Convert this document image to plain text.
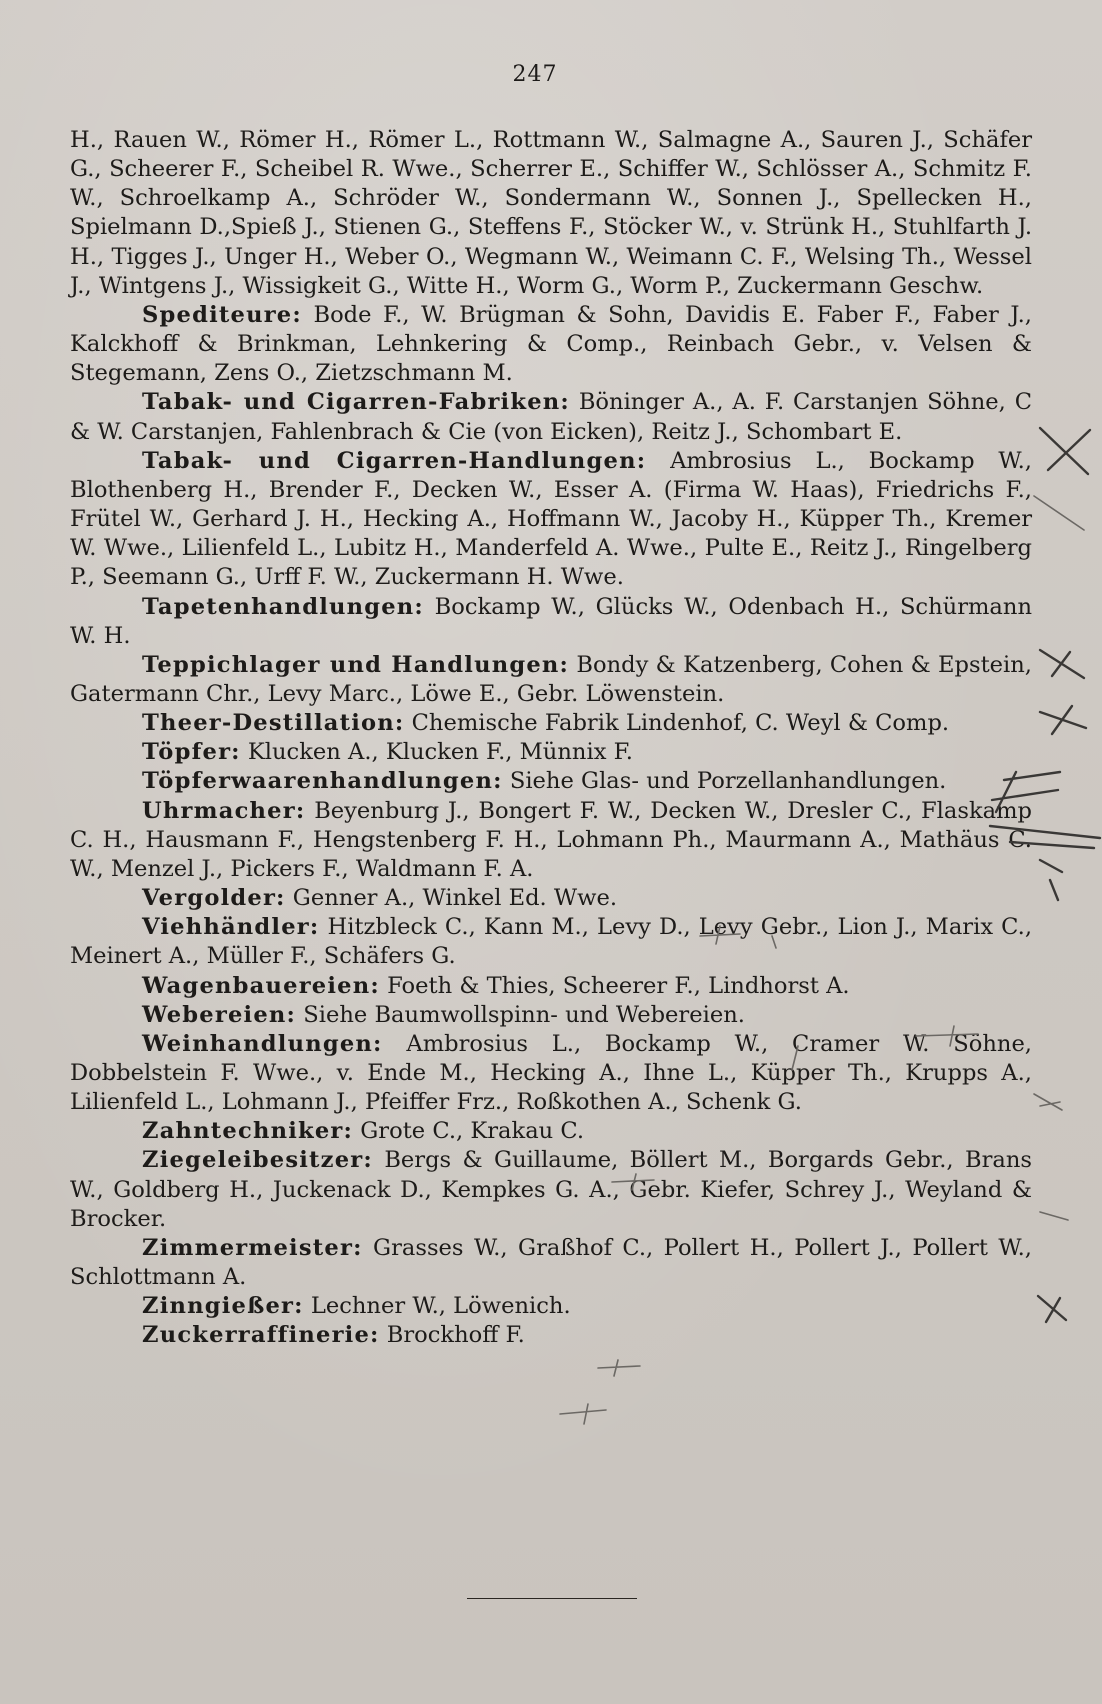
247

H., Rauen W., Römer H., Römer L., Rottmann W., Salmagne A., Sauren J., Schäfer G., Scheerer F., Scheibel R. Wwe., Scherrer E., Schiffer W., Schlösser A., Schmitz F. W., Schroelkamp A., Schröder W., Sondermann W., Sonnen J., Spellecken H., Spielmann D.,Spieß J., Stienen G., Steffens F., Stöcker W., v. Strünk H., Stuhlfarth J. H., Tigges J., Unger H., Weber O., Wegmann W., Weimann C. F., Welsing Th., Wessel J., Wintgens J., Wissigkeit G., Witte H., Worm G., Worm P., Zuckermann Geschw.

Spediteure: Bode F., W. Brügman & Sohn, Davidis E. Faber F., Faber J., Kalckhoff & Brinkman, Lehnkering & Comp., Reinbach Gebr., v. Velsen & Stegemann, Zens O., Zietzschmann M.

Tabak- und Cigarren-Fabriken: Böninger A., A. F. Carstanjen Söhne, C & W. Carstanjen, Fahlenbrach & Cie (von Eicken), Reitz J., Schombart E.

Tabak- und Cigarren-Handlungen: Ambrosius L., Bockamp W., Blothenberg H., Brender F., Decken W., Esser A. (Firma W. Haas), Friedrichs F., Frütel W., Gerhard J. H., Hecking A., Hoffmann W., Jacoby H., Küpper Th., Kremer W. Wwe., Lilienfeld L., Lubitz H., Manderfeld A. Wwe., Pulte E., Reitz J., Ringelberg P., Seemann G., Urff F. W., Zuckermann H. Wwe.

Tapetenhandlungen: Bockamp W., Glücks W., Odenbach H., Schürmann W. H.

Teppichlager und Handlungen: Bondy & Katzenberg, Cohen & Epstein, Gatermann Chr., Levy Marc., Löwe E., Gebr. Löwenstein.

Theer-Destillation: Chemische Fabrik Lindenhof, C. Weyl & Comp.

Töpfer: Klucken A., Klucken F., Münnix F.

Töpferwaarenhandlungen: Siehe Glas- und Porzellanhandlungen.

Uhrmacher: Beyenburg J., Bongert F. W., Decken W., Dresler C., Flaskamp C. H., Hausmann F., Hengstenberg F. H., Lohmann Ph., Maurmann A., Mathäus C. W., Menzel J., Pickers F., Waldmann F. A.

Vergolder: Genner A., Winkel Ed. Wwe.

Viehhändler: Hitzbleck C., Kann M., Levy D., Levy Gebr., Lion J., Marix C., Meinert A., Müller F., Schäfers G.

Wagenbauereien: Foeth & Thies, Scheerer F., Lindhorst A.

Webereien: Siehe Baumwollspinn- und Webereien.

Weinhandlungen: Ambrosius L., Bockamp W., Cramer W. Söhne, Dobbelstein F. Wwe., v. Ende M., Hecking A., Ihne L., Küpper Th., Krupps A., Lilienfeld L., Lohmann J., Pfeiffer Frz., Roßkothen A., Schenk G.

Zahntechniker: Grote C., Krakau C.

Ziegeleibesitzer: Bergs & Guillaume, Böllert M., Borgards Gebr., Brans W., Goldberg H., Juckenack D., Kempkes G. A., Gebr. Kiefer, Schrey J., Weyland & Brocker.

Zimmermeister: Grasses W., Graßhof C., Pollert H., Pollert J., Pollert W., Schlottmann A.

Zinngießer: Lechner W., Löwenich.

Zuckerraffinerie: Brockhoff F.
